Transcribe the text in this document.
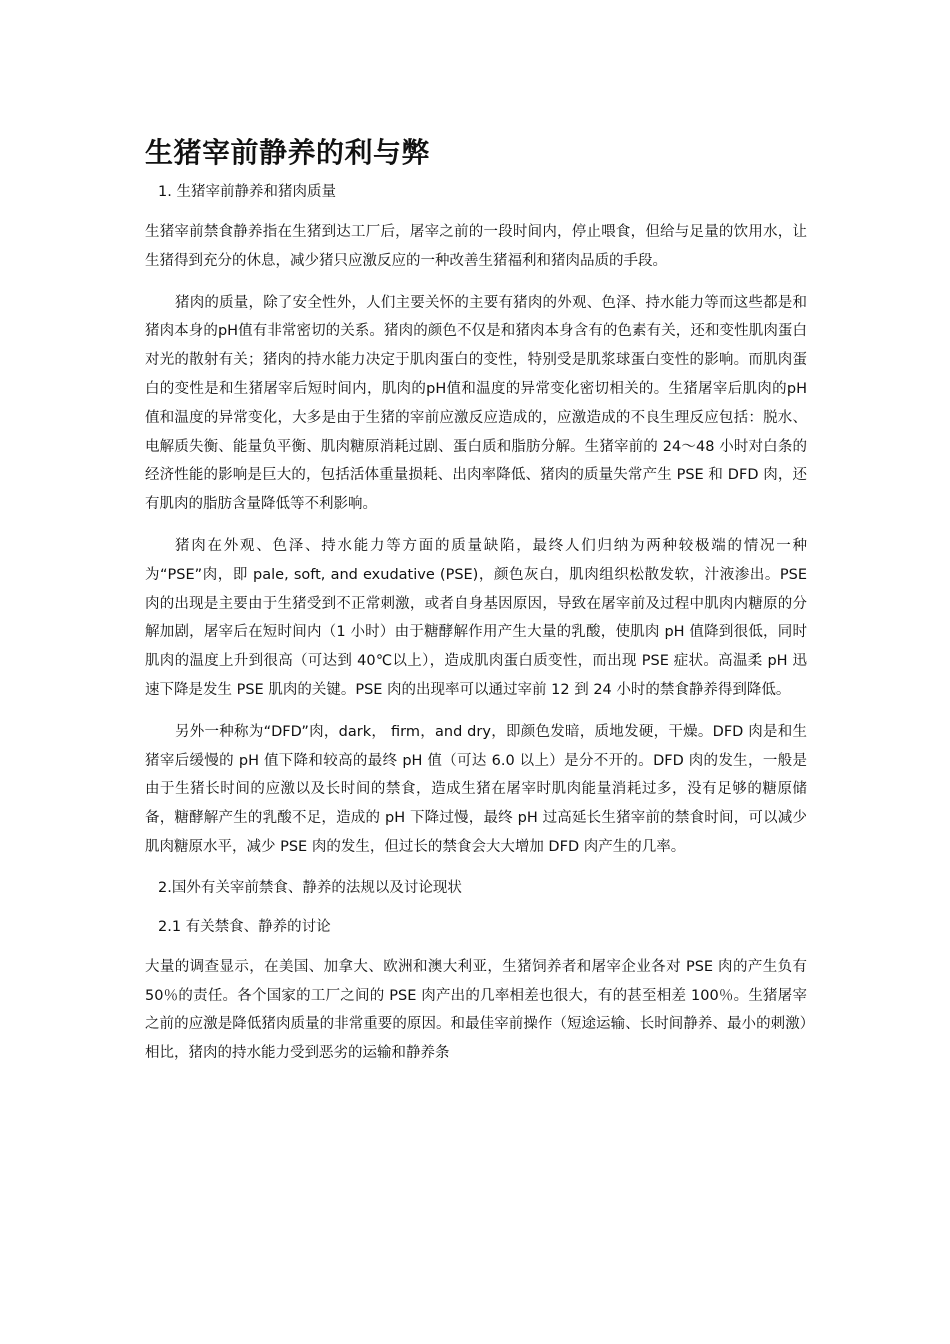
生猪宰前静养的利与弊
1. 生猪宰前静养和猪肉质量

生猪宰前禁食静养指在生猪到达工厂后，屠宰之前的一段时间内，停止喂食，但给与足量的饮用水，让生猪得到充分的休息，减少猪只应激反应的一种改善生猪福利和猪肉品质的手段。

猪肉的质量，除了安全性外，人们主要关怀的主要有猪肉的外观、色泽、持水能力等而这些都是和猪肉本身的pH值有非常密切的关系。猪肉的颜色不仅是和猪肉本身含有的色素有关，还和变性肌肉蛋白对光的散射有关；猪肉的持水能力决定于肌肉蛋白的变性，特别受是肌浆球蛋白变性的影响。而肌肉蛋白的变性是和生猪屠宰后短时间内，肌肉的pH值和温度的异常变化密切相关的。生猪屠宰后肌肉的pH值和温度的异常变化，大多是由于生猪的宰前应激反应造成的，应激造成的不良生理反应包括：脱水、电解质失衡、能量负平衡、肌肉糖原消耗过剧、蛋白质和脂肪分解。生猪宰前的 24～48 小时对白条的经济性能的影响是巨大的，包括活体重量损耗、出肉率降低、猪肉的质量失常产生 PSE 和 DFD 肉，还有肌肉的脂肪含量降低等不利影响。

猪肉在外观、色泽、持水能力等方面的质量缺陷，最终人们归纳为两种较极端的情况一种为“PSE”肉，即 pale, soft, and exudative (PSE)，颜色灰白，肌肉组织松散发软，汁液渗出。PSE 肉的出现是主要由于生猪受到不正常刺激，或者自身基因原因，导致在屠宰前及过程中肌肉内糖原的分解加剧，屠宰后在短时间内（1 小时）由于糖酵解作用产生大量的乳酸，使肌肉 pH 值降到很低，同时肌肉的温度上升到很高（可达到 40℃以上），造成肌肉蛋白质变性，而出现 PSE 症状。高温柔 pH 迅速下降是发生 PSE 肌肉的关键。PSE 肉的出现率可以通过宰前 12 到 24 小时的禁食静养得到降低。

另外一种称为“DFD”肉，dark， firm，and dry，即颜色发暗，质地发硬，干燥。DFD 肉是和生猪宰后缓慢的 pH 值下降和较高的最终 pH 值（可达 6.0 以上）是分不开的。DFD 肉的发生，一般是由于生猪长时间的应激以及长时间的禁食，造成生猪在屠宰时肌肉能量消耗过多，没有足够的糖原储备，糖酵解产生的乳酸不足，造成的 pH 下降过慢，最终 pH 过高延长生猪宰前的禁食时间，可以减少肌肉糖原水平，减少 PSE 肉的发生，但过长的禁食会大大增加 DFD 肉产生的几率。

2.国外有关宰前禁食、静养的法规以及讨论现状
2.1 有关禁食、静养的讨论

大量的调查显示，在美国、加拿大、欧洲和澳大利亚，生猪饲养者和屠宰企业各对 PSE 肉的产生负有 50％的责任。各个国家的工厂之间的 PSE 肉产出的几率相差也很大，有的甚至相差 100％。生猪屠宰之前的应激是降低猪肉质量的非常重要的原因。和最佳宰前操作（短途运输、长时间静养、最小的刺激）相比，猪肉的持水能力受到恶劣的运输和静养条
